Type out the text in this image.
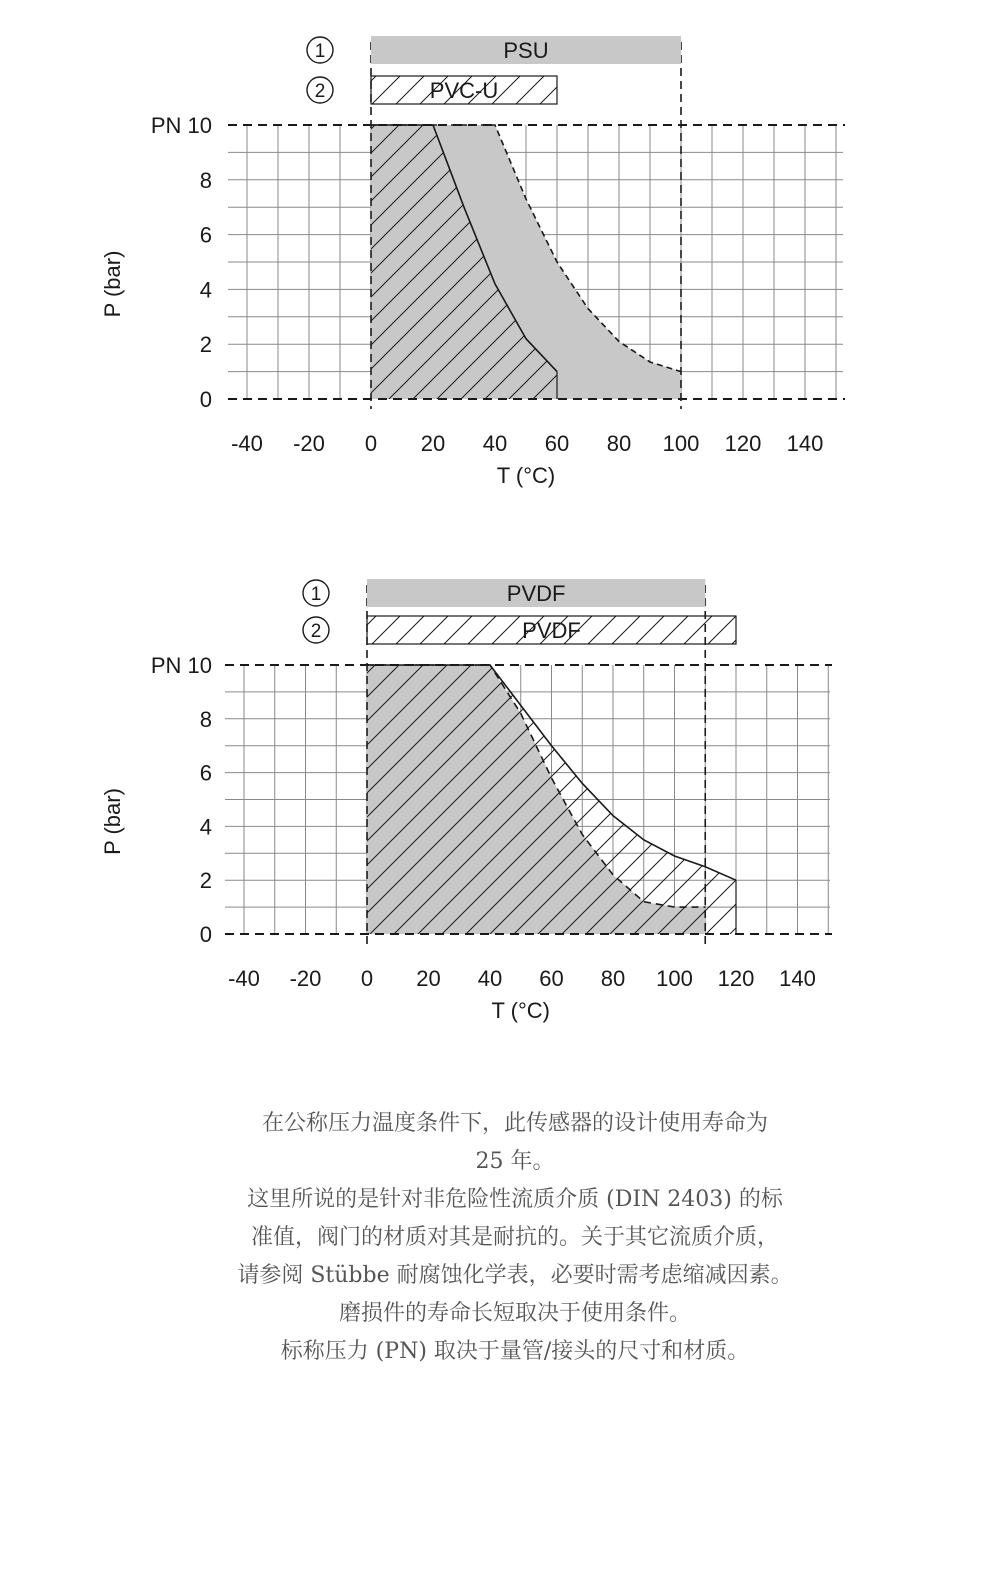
1	PSU
2	PVC-U
0
2
4
6
8
PN 10
-40 -20 0 20 40 60 80 100 120 140
T (°C)
P (bar)
1	PVDF
2	PVDF
0
2
4
6
8
PN 10
-40 -20 0 20 40 60 80 100 120 140
T (°C)
P (bar)

在公称压力温度条件下，此传感器的设计使用寿命为

25 年。

这里所说的是针对非危险性流质介质 (DIN 2403) 的标

准值，阀门的材质对其是耐抗的。关于其它流质介质，

请参阅 Stübbe 耐腐蚀化学表，必要时需考虑缩减因素。

磨损件的寿命长短取决于使用条件。

标称压力 (PN) 取决于量管/接头的尺寸和材质。
